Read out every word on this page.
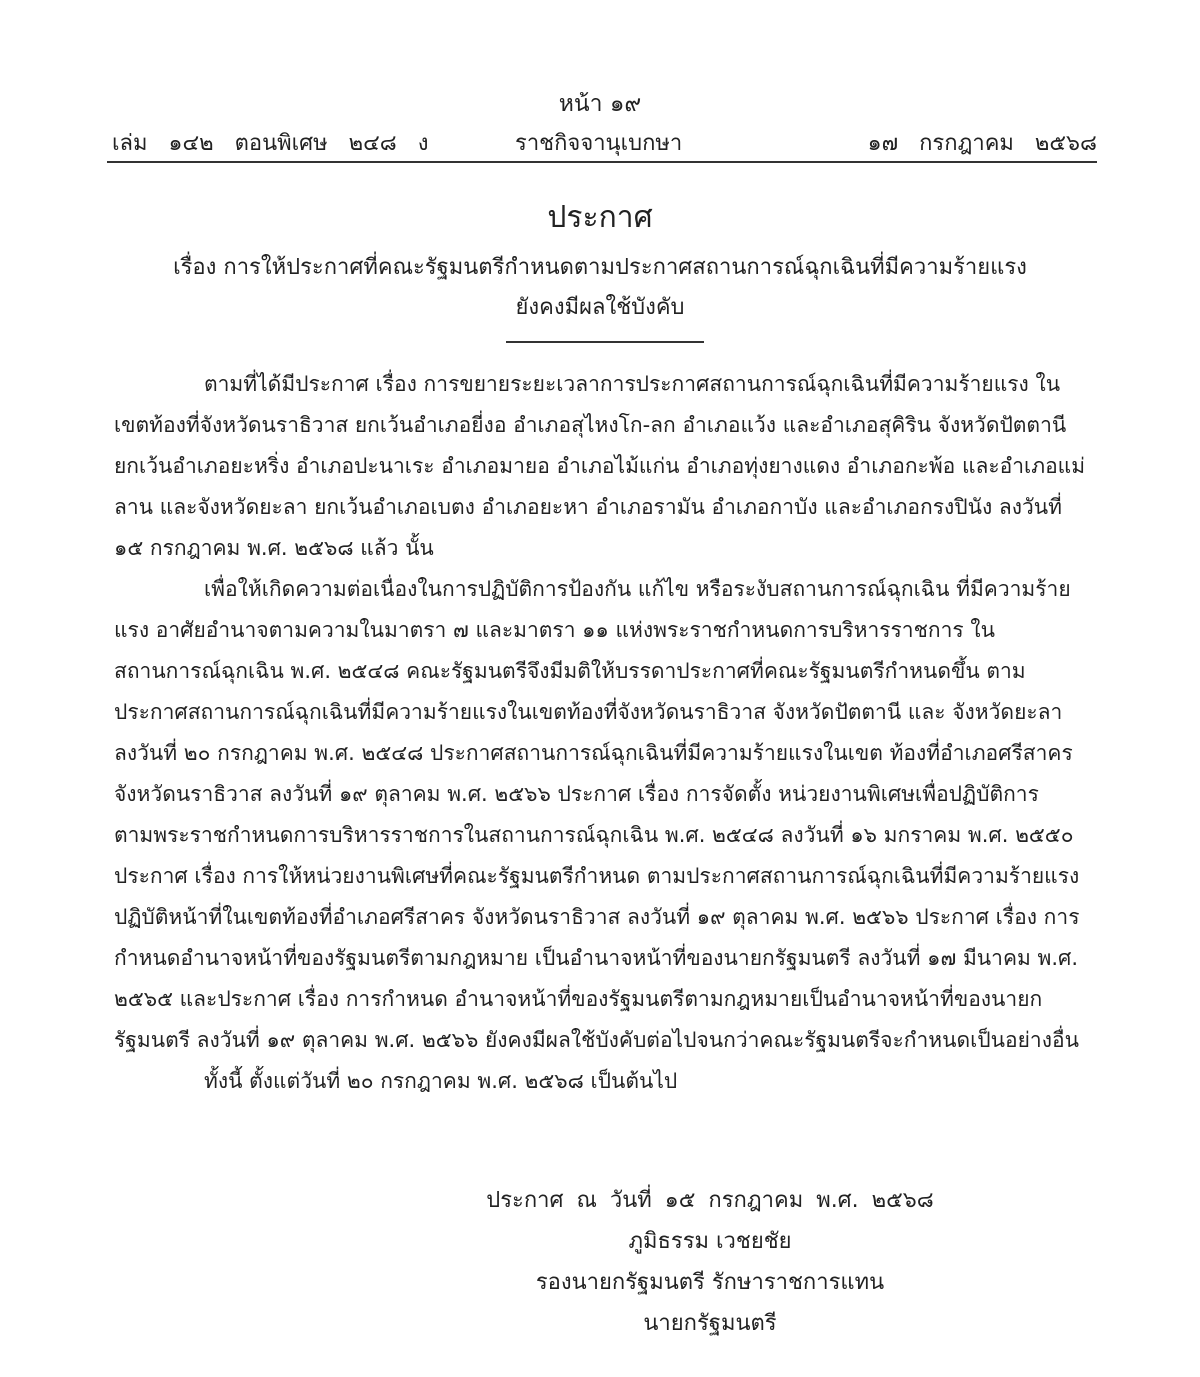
หน้า ๑๙
เล่ม ๑๔๒ ตอนพิเศษ ๒๔๘ ง	ราชกิจจานุเบกษา	๑๗ กรกฎาคม ๒๕๖๘
ประกาศ
เรื่อง การให้ประกาศที่คณะรัฐมนตรีกำหนดตามประกาศสถานการณ์ฉุกเฉินที่มีความร้ายแรง
ยังคงมีผลใช้บังคับ

ตามที่ได้มีประกาศ เรื่อง การขยายระยะเวลาการประกาศสถานการณ์ฉุกเฉินที่มีความร้ายแรง ในเขตท้องที่จังหวัดนราธิวาส ยกเว้นอำเภอยี่งอ อำเภอสุไหงโก-ลก อำเภอแว้ง และอำเภอสุคิริน จังหวัดปัตตานี ยกเว้นอำเภอยะหริ่ง อำเภอปะนาเระ อำเภอมายอ อำเภอไม้แก่น อำเภอทุ่งยางแดง อำเภอกะพ้อ และอำเภอแม่ลาน และจังหวัดยะลา ยกเว้นอำเภอเบตง อำเภอยะหา อำเภอรามัน อำเภอกาบัง และอำเภอกรงปินัง ลงวันที่ ๑๕ กรกฎาคม พ.ศ. ๒๕๖๘ แล้ว นั้น

เพื่อให้เกิดความต่อเนื่องในการปฏิบัติการป้องกัน แก้ไข หรือระงับสถานการณ์ฉุกเฉิน ที่มีความร้ายแรง อาศัยอำนาจตามความในมาตรา ๗ และมาตรา ๑๑ แห่งพระราชกำหนดการบริหารราชการ ในสถานการณ์ฉุกเฉิน พ.ศ. ๒๕๔๘ คณะรัฐมนตรีจึงมีมติให้บรรดาประกาศที่คณะรัฐมนตรีกำหนดขึ้น ตามประกาศสถานการณ์ฉุกเฉินที่มีความร้ายแรงในเขตท้องที่จังหวัดนราธิวาส จังหวัดปัตตานี และ จังหวัดยะลา ลงวันที่ ๒๐ กรกฎาคม พ.ศ. ๒๕๔๘ ประกาศสถานการณ์ฉุกเฉินที่มีความร้ายแรงในเขต ท้องที่อำเภอศรีสาคร จังหวัดนราธิวาส ลงวันที่ ๑๙ ตุลาคม พ.ศ. ๒๕๖๖ ประกาศ เรื่อง การจัดตั้ง หน่วยงานพิเศษเพื่อปฏิบัติการตามพระราชกำหนดการบริหารราชการในสถานการณ์ฉุกเฉิน พ.ศ. ๒๕๔๘ ลงวันที่ ๑๖ มกราคม พ.ศ. ๒๕๕๐ ประกาศ เรื่อง การให้หน่วยงานพิเศษที่คณะรัฐมนตรีกำหนด ตามประกาศสถานการณ์ฉุกเฉินที่มีความร้ายแรง ปฏิบัติหน้าที่ในเขตท้องที่อำเภอศรีสาคร จังหวัดนราธิวาส ลงวันที่ ๑๙ ตุลาคม พ.ศ. ๒๕๖๖ ประกาศ เรื่อง การกำหนดอำนาจหน้าที่ของรัฐมนตรีตามกฎหมาย เป็นอำนาจหน้าที่ของนายกรัฐมนตรี ลงวันที่ ๑๗ มีนาคม พ.ศ. ๒๕๖๕ และประกาศ เรื่อง การกำหนด อำนาจหน้าที่ของรัฐมนตรีตามกฎหมายเป็นอำนาจหน้าที่ของนายกรัฐมนตรี ลงวันที่ ๑๙ ตุลาคม พ.ศ. ๒๕๖๖ ยังคงมีผลใช้บังคับต่อไปจนกว่าคณะรัฐมนตรีจะกำหนดเป็นอย่างอื่น

ทั้งนี้ ตั้งแต่วันที่ ๒๐ กรกฎาคม พ.ศ. ๒๕๖๘ เป็นต้นไป

ประกาศ ณ วันที่ ๑๕ กรกฎาคม พ.ศ. ๒๕๖๘
ภูมิธรรม เวชยชัย
รองนายกรัฐมนตรี รักษาราชการแทน
นายกรัฐมนตรี
